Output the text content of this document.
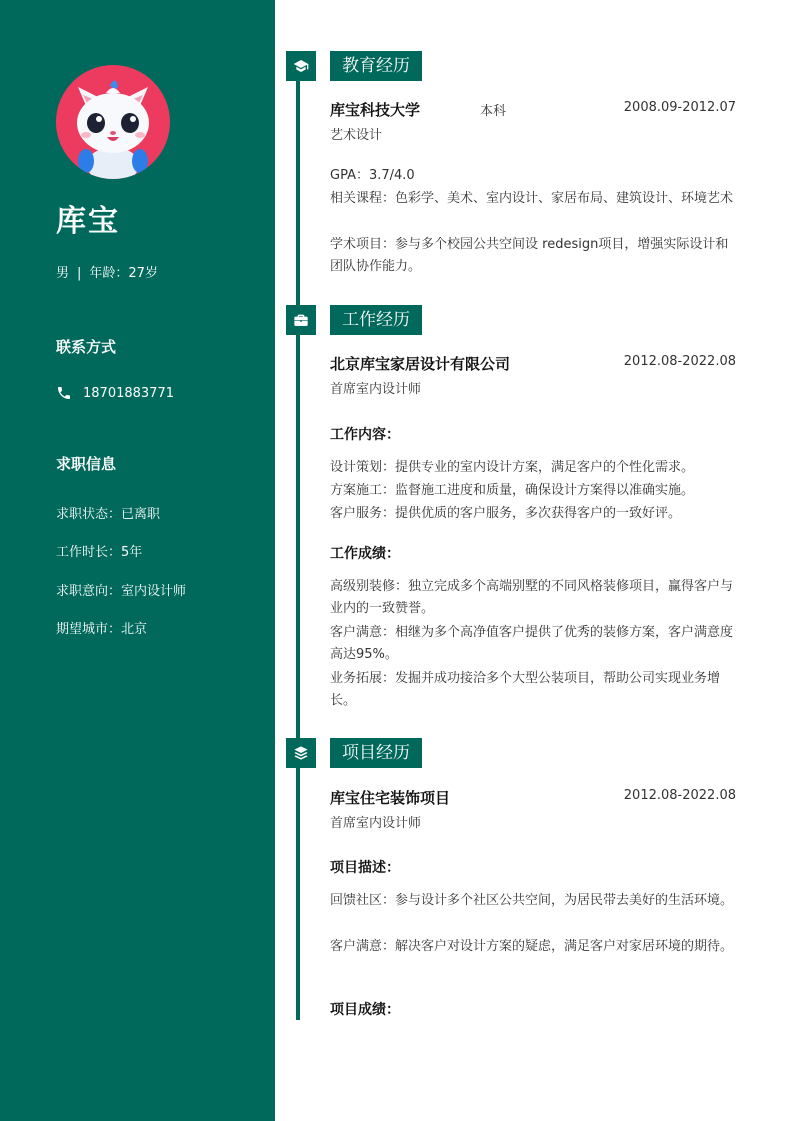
库宝
男 | 年龄：27岁
联系方式
18701883771
求职信息
求职状态：已离职
工作时长：5年
求职意向：室内设计师
期望城市：北京
教育经历
库宝科技大学	本科	2008.09-2012.07
艺术设计
GPA：3.7/4.0
相关课程：色彩学、美术、室内设计、家居布局、建筑设计、环境艺术
学术项目：参与多个校园公共空间设 redesign项目，增强实际设计和团队协作能力。
工作经历
北京库宝家居设计有限公司	2012.08-2022.08
首席室内设计师
工作内容：
设计策划：提供专业的室内设计方案，满足客户的个性化需求。
方案施工：监督施工进度和质量，确保设计方案得以准确实施。
客户服务：提供优质的客户服务，多次获得客户的一致好评。
工作成绩：
高级别装修：独立完成多个高端别墅的不同风格装修项目，赢得客户与业内的一致赞誉。
客户满意：相继为多个高净值客户提供了优秀的装修方案，客户满意度高达95%。
业务拓展：发掘并成功接洽多个大型公装项目，帮助公司实现业务增长。
项目经历
库宝住宅装饰项目	2012.08-2022.08
首席室内设计师
项目描述：
回馈社区：参与设计多个社区公共空间，为居民带去美好的生活环境。
客户满意：解决客户对设计方案的疑虑，满足客户对家居环境的期待。
项目成绩：
